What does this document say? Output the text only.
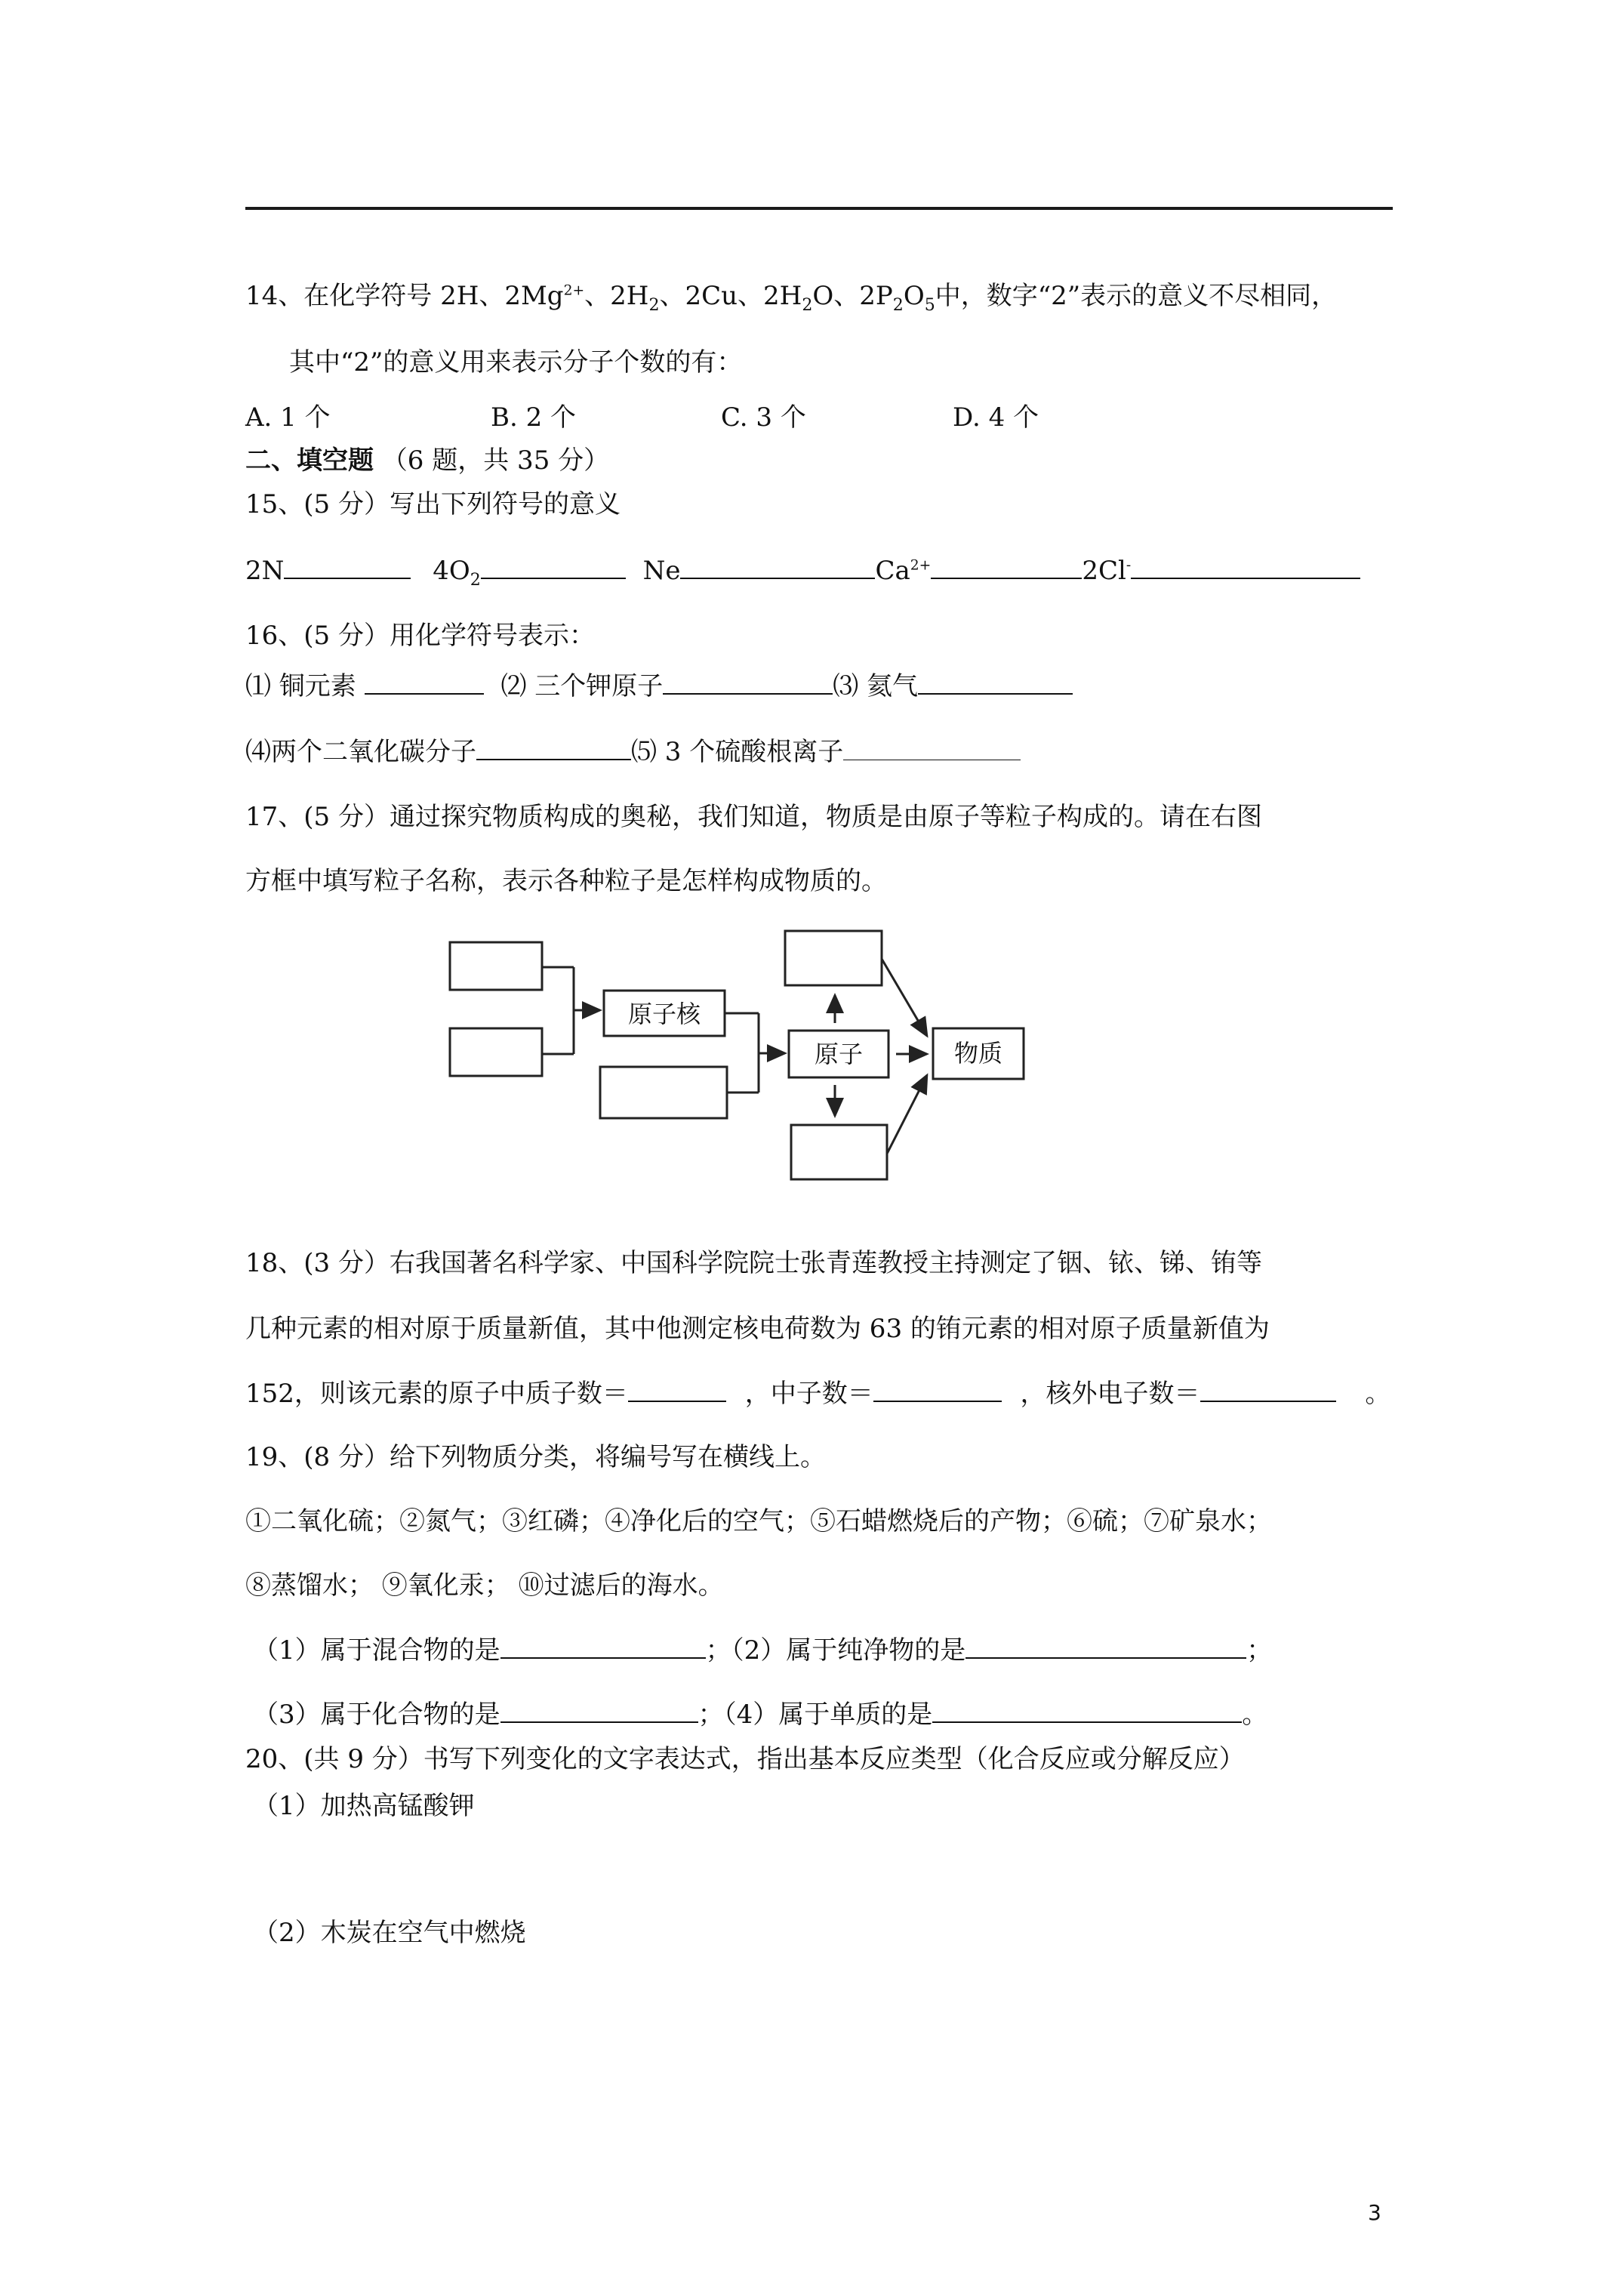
14、在化学符号 2H、$2Mg^{2+}$、$2H_2$、2Cu、$2H_2O$、$2P_2O_5$中，数字“2”表示的意义不尽相同，
其中“2”的意义用来表示分子个数的有：
A. 1 个	B. 2 个	C. 3 个	D. 4 个
二、填空题 （6 题，共 35 分）
15、(5 分）写出下列符号的意义
2N	$4O_2$	Ne	$Ca^{2+}$	2Cl-
16、(5 分）用化学符号表示：
⑴ 铜元素	⑵ 三个钾原子	⑶ 氦气
⑷两个二氧化碳分子	⑸ 3 个硫酸根离子
17、(5 分）通过探究物质构成的奥秘，我们知道，物质是由原子等粒子构成的。请在右图
方框中填写粒子名称，表示各种粒子是怎样构成物质的。
原子核
原子	物质
18、(3 分）右我国著名科学家、中国科学院院士张青莲教授主持测定了铟、铱、锑、铕等
几种元素的相对原于质量新值，其中他测定核电荷数为 63 的铕元素的相对原子质量新值为
152，则该元素的原子中质子数＝	，中子数＝	，核外电子数＝	。
19、(8 分）给下列物质分类，将编号写在横线上。
①二氧化硫；②氮气；③红磷；④净化后的空气；⑤石蜡燃烧后的产物；⑥硫；⑦矿泉水；
⑧蒸馏水； ⑨氧化汞； ⑩过滤后的海水。
（1）属于混合物的是	；（2）属于纯净物的是	；
（3）属于化合物的是	；（4）属于单质的是	。
20、(共 9 分）书写下列变化的文字表达式，指出基本反应类型（化合反应或分解反应）
（1）加热高锰酸钾
（2）木炭在空气中燃烧
3
